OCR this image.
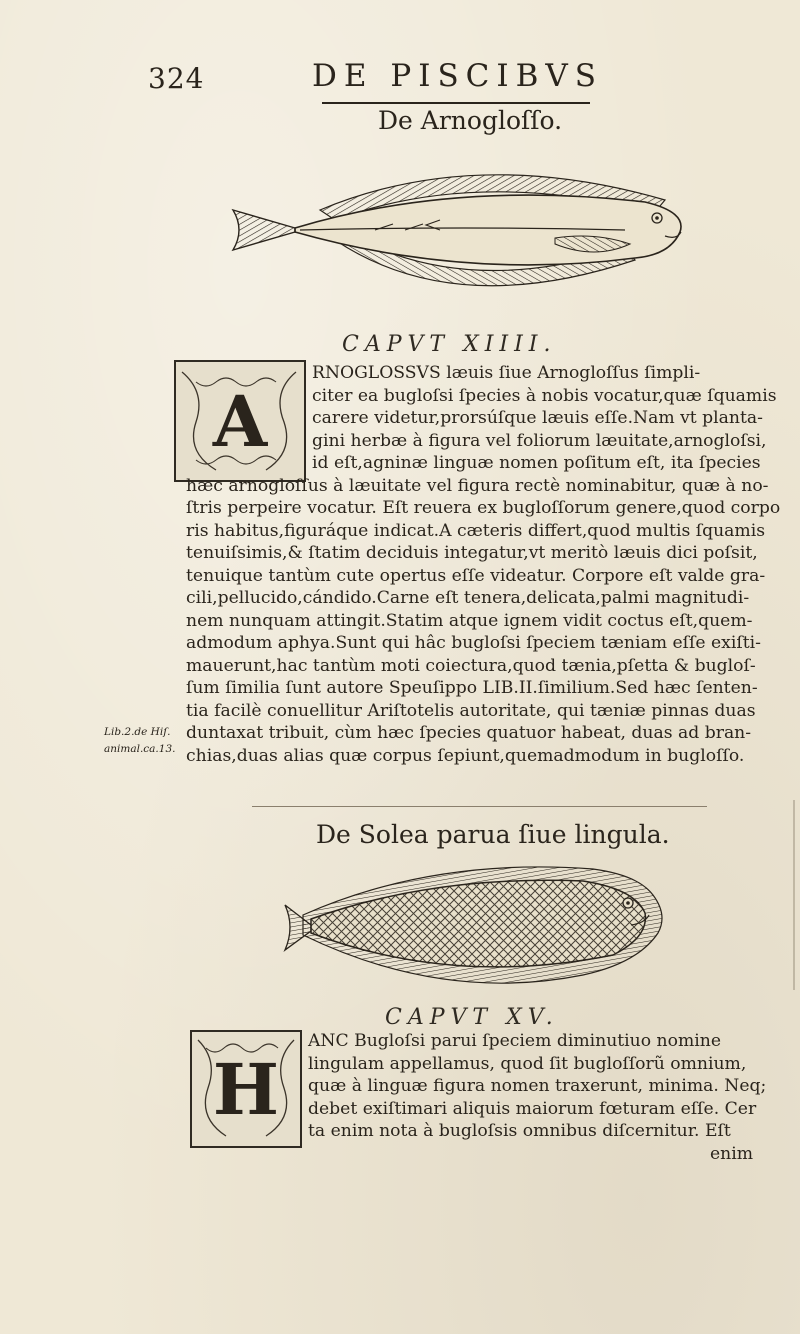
324	DE PISCIBVS
De Arnogloſſo.
CAPVT XIIII.
A
RNOGLOSSVS læuis ſiue Arnogloſſus ſimpli-
citer ea bugloſsi ſpecies à nobis vocatur,quæ ſquamis
carere videtur,prorsúſque læuis eſſe.Nam vt planta-
gini herbæ à figura vel foliorum læuitate,arnogloſsi,
id eſt,agninæ linguæ nomen poſitum eſt, ita ſpecies
hæc arnogloſſus à læuitate vel figura rectè nominabitur, quæ à no-
ſtris perpeire vocatur. Eſt reuera ex bugloſſorum genere,quod corpo
ris habitus,figuráque indicat.A cæteris differt,quod multis ſquamis
tenuiſsimis,& ſtatim deciduis integatur,vt meritò læuis dici poſsit,
tenuique tantùm cute opertus eſſe videatur. Corpore eſt valde gra-
cili,pellucido,cándido.Carne eſt tenera,delicata,palmi magnitudi-
nem nunquam attingit.Statim atque ignem vidit coctus eſt,quem-
admodum aphya.Sunt qui hâc bugloſsi ſpeciem tæniam eſſe exiſti-
mauerunt,hac tantùm moti coiectura,quod tænia,pſetta & bugloſ-
ſum ſimilia ſunt autore Speuſippo LIB.II.ſimilium.Sed hæc ſenten-
tia facilè conuellitur Ariſtotelis autoritate, qui tæniæ pinnas duas
duntaxat tribuit, cùm hæc ſpecies quatuor habeat, duas ad bran-
chias,duas alias quæ corpus ſepiunt,quemadmodum in bugloſſo.
Lib.2.de Hiſ.
animal.ca.13.
De Solea parua ſiue lingula.
CAPVT XV.
H
ANC Bugloſsi parui ſpeciem diminutiuo nomine
lingulam appellamus, quod ſit bugloſſorũ omnium,
quæ à linguæ figura nomen traxerunt, minima. Neq;
debet exiſtimari aliquis maiorum fœturam eſſe. Cer
ta enim nota à bugloſsis omnibus diſcernitur. Eſt
enim
